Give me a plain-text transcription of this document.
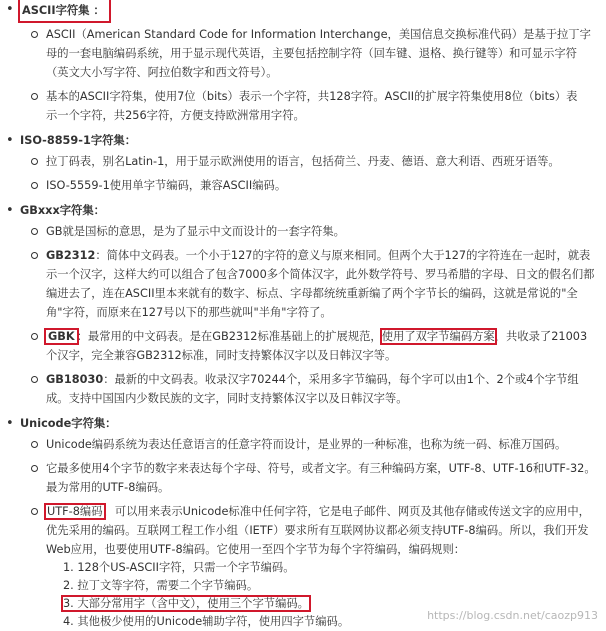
• ASCII字符集 ：
ASCII（American Standard Code for Information Interchange，美国信息交换标准代码）是基于拉丁字母的一套电脑编码系统，用于显示现代英语，主要包括控制字符（回车键、退格、换行键等）和可显示字符（英文大小写字符、阿拉伯数字和西文符号）。
基本的ASCII字符集，使用7位（bits）表示一个字符，共128字符。ASCII的扩展字符集使用8位（bits）表示一个字符，共256字符，方便支持欧洲常用字符。
• ISO-8859-1字符集：
拉丁码表，别名Latin-1，用于显示欧洲使用的语言，包括荷兰、丹麦、德语、意大利语、西班牙语等。
ISO-5559-1使用单字节编码，兼容ASCII编码。
• GBxxx字符集：
GB就是国标的意思，是为了显示中文而设计的一套字符集。
GB2312：简体中文码表。一个小于127的字符的意义与原来相同。但两个大于127的字符连在一起时，就表示一个汉字，这样大约可以组合了包含7000多个简体汉字，此外数学符号、罗马希腊的字母、日文的假名们都编进去了，连在ASCII里本来就有的数字、标点、字母都统统重新编了两个字节长的编码，这就是常说的"全角"字符，而原来在127号以下的那些就叫"半角"字符了。
GBK ：最常用的中文码表。是在GB2312标准基础上的扩展规范，使用了双字节编码方案，共收录了21003个汉字，完全兼容GB2312标准，同时支持繁体汉字以及日韩汉字等。
GB18030：最新的中文码表。收录汉字70244个，采用多字节编码，每个字可以由1个、2个或4个字节组成。支持中国国内少数民族的文字，同时支持繁体汉字以及日韩汉字等。
• Unicode字符集：
Unicode编码系统为表达任意语言的任意字符而设计，是业界的一种标准，也称为统一码、标准万国码。
它最多使用4个字节的数字来表达每个字母、符号，或者文字。有三种编码方案，UTF-8、UTF-16和UTF-32。最为常用的UTF-8编码。
UTF-8编码，可以用来表示Unicode标准中任何字符，它是电子邮件、网页及其他存储或传送文字的应用中，优先采用的编码。互联网工程工作小组（IETF）要求所有互联网协议都必须支持UTF-8编码。所以，我们开发Web应用，也要使用UTF-8编码。它使用一至四个字节为每个字符编码，编码规则：
1. 128个US-ASCII字符，只需一个字节编码。
2. 拉丁文等字符，需要二个字节编码。
3. 大部分常用字（含中文），使用三个字节编码。
4. 其他极少使用的Unicode辅助字符，使用四字节编码。	https://blog.csdn.net/caozp913
